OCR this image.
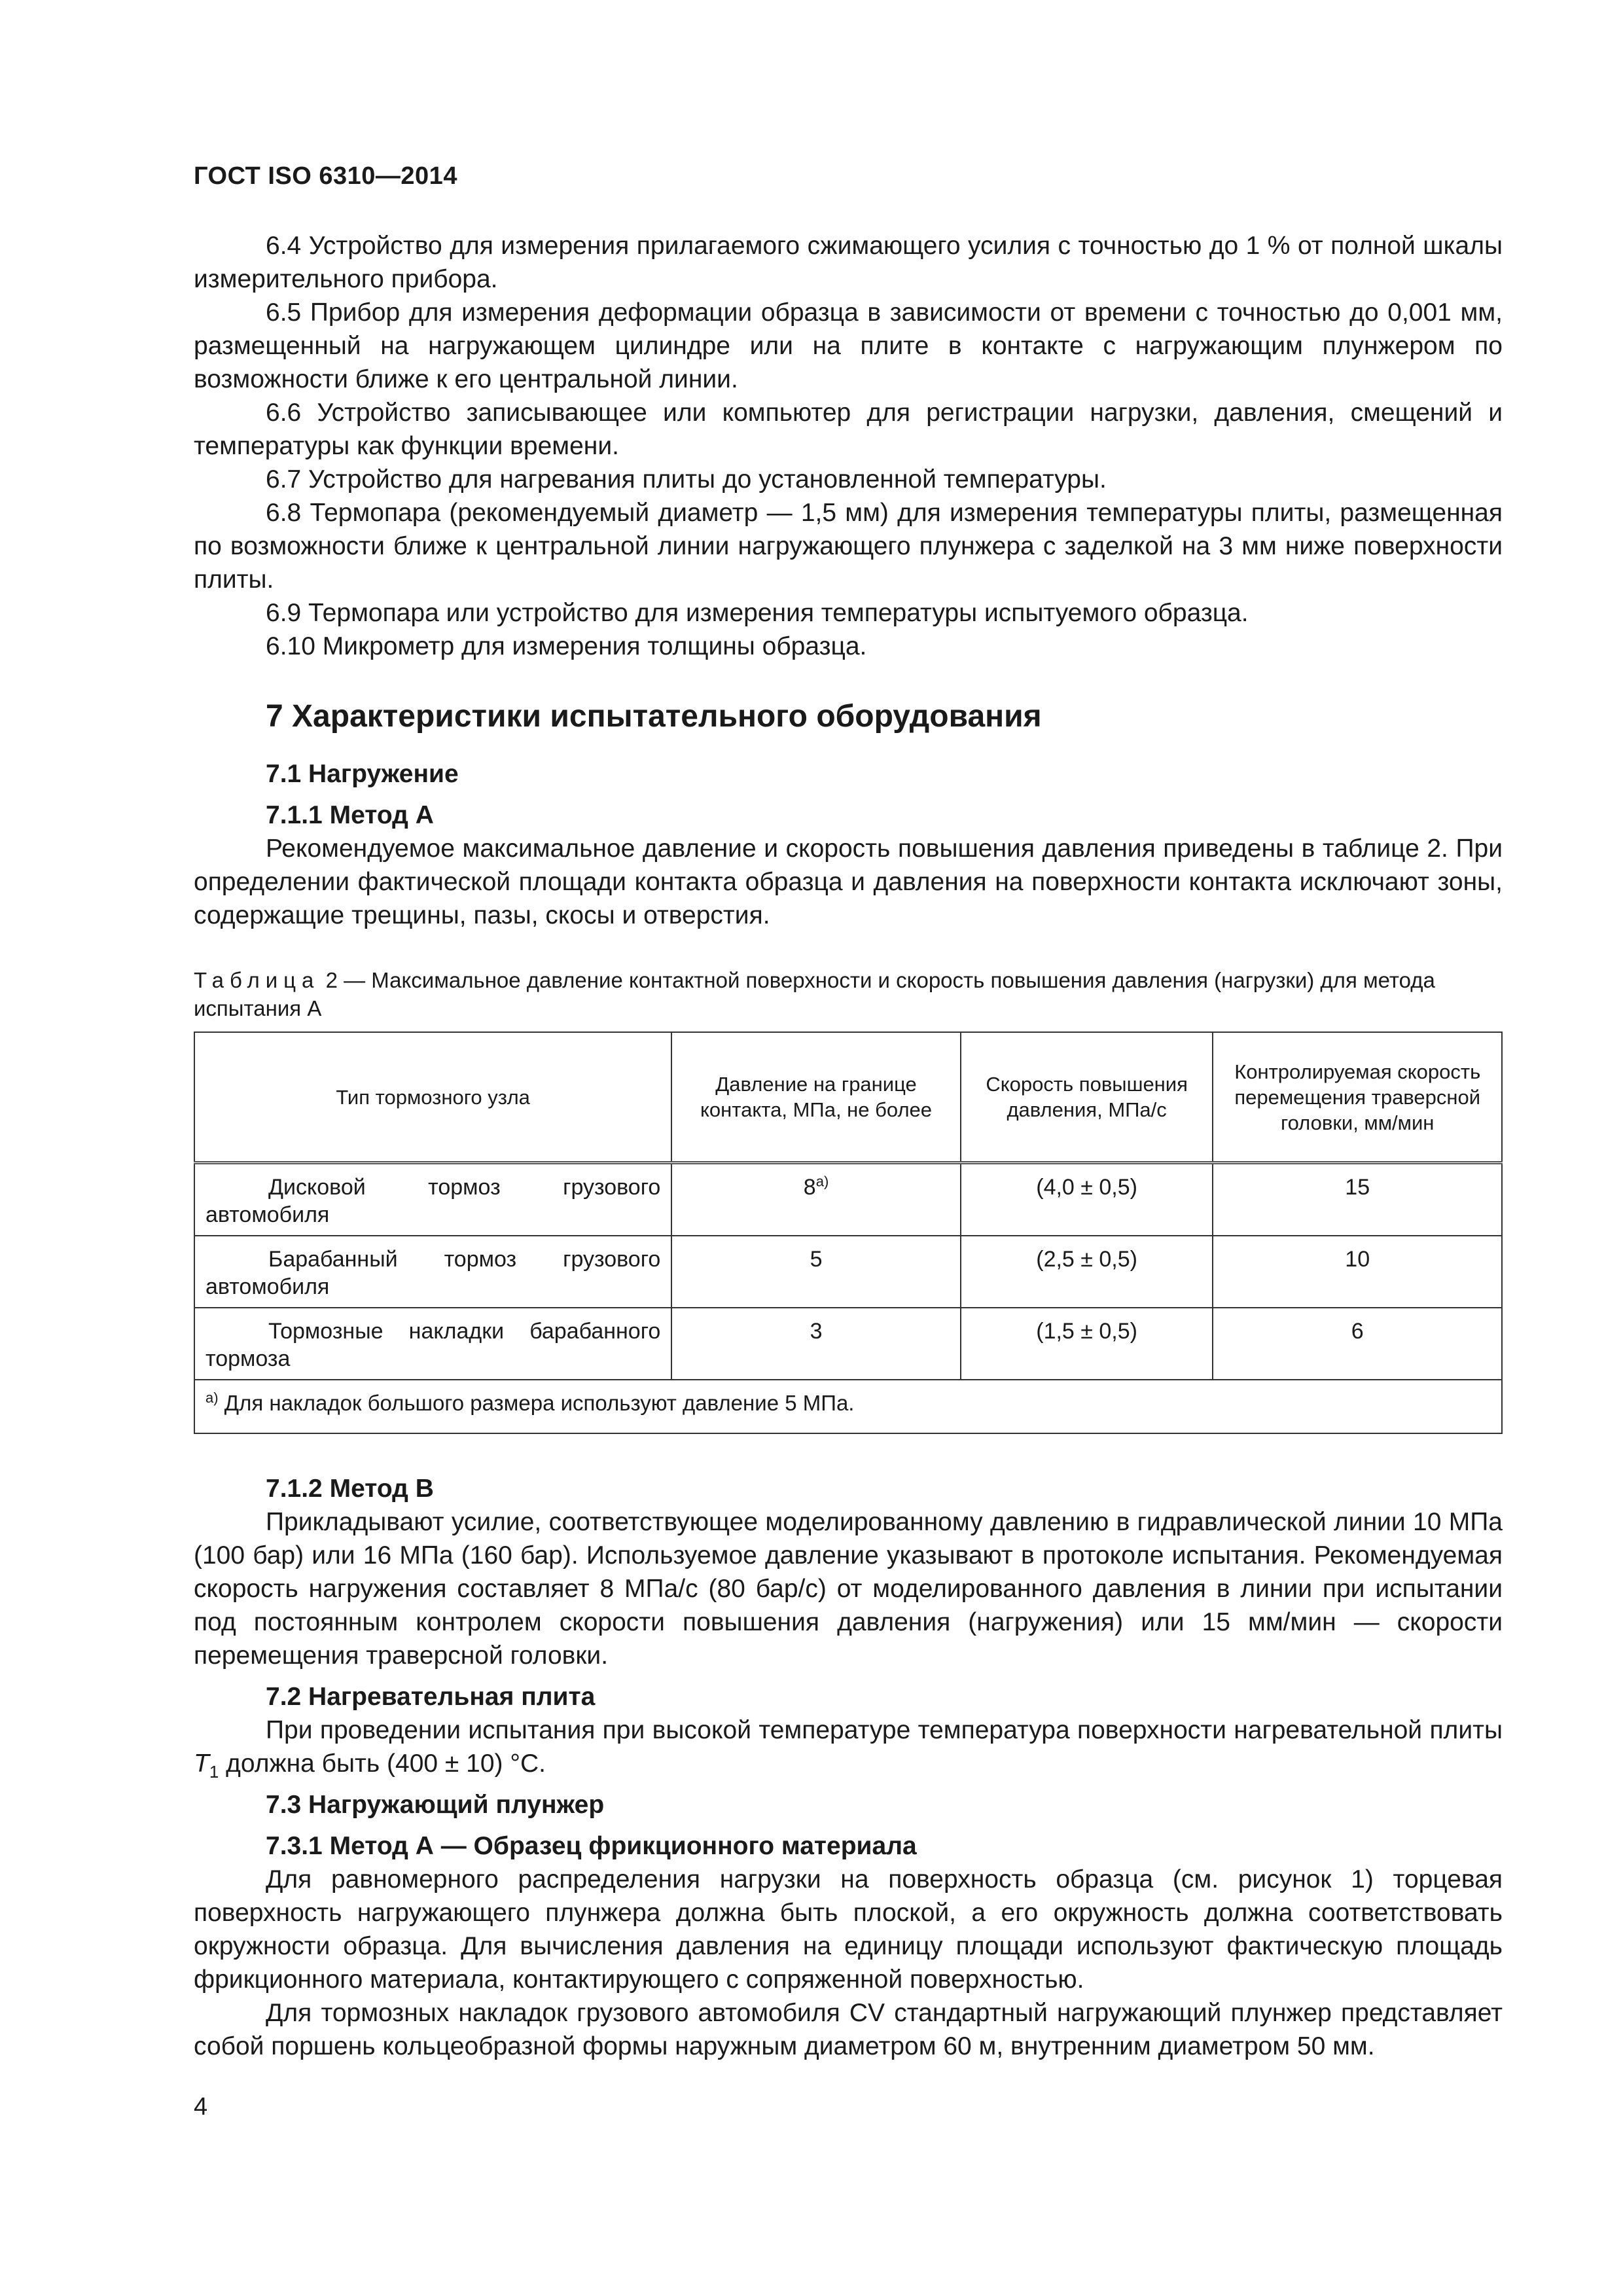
ГОСТ ISO 6310—2014

6.4 Устройство для измерения прилагаемого сжимающего усилия с точностью до 1 % от полной шкалы измерительного прибора.

6.5 Прибор для измерения деформации образца в зависимости от времени с точностью до 0,001 мм, размещенный на нагружающем цилиндре или на плите в контакте с нагружающим плунжером по возможности ближе к его центральной линии.

6.6 Устройство записывающее или компьютер для регистрации нагрузки, давления, смещений и температуры как функции времени.

6.7 Устройство для нагревания плиты до установленной температуры.

6.8 Термопара (рекомендуемый диаметр — 1,5 мм) для измерения температуры плиты, размещенная по возможности ближе к центральной линии нагружающего плунжера с заделкой на 3 мм ниже поверхности плиты.

6.9 Термопара или устройство для измерения температуры испытуемого образца.

6.10 Микрометр для измерения толщины образца.

7 Характеристики испытательного оборудования
7.1 Нагружение
7.1.1 Метод А

Рекомендуемое максимальное давление и скорость повышения давления приведены в таблице 2. При определении фактической площади контакта образца и давления на поверхности контакта исключают зоны, содержащие трещины, пазы, скосы и отверстия.

Таблица 2 — Максимальное давление контактной поверхности и скорость повышения давления (нагрузки) для метода испытания А
Тип тормозного узла	Давление на границе контакта, МПа, не более	Скорость повышения давления, МПа/с	Контролируемая скорость перемещения траверсной головки, мм/мин
Дисковой тормоз грузового автомобиля	$8^{а)}$	(4,0 ± 0,5)	15
Барабанный тормоз грузового автомобиля	5	(2,5 ± 0,5)	10
Тормозные накладки барабанного тормоза	3	(1,5 ± 0,5)	6
$^{а)}$ Для накладок большого размера используют давление 5 МПа.			
7.1.2 Метод В

Прикладывают усилие, соответствующее моделированному давлению в гидравлической линии 10 МПа (100 бар) или 16 МПа (160 бар). Используемое давление указывают в протоколе испытания. Рекомендуемая скорость нагружения составляет 8 МПа/с (80 бар/с) от моделированного давления в линии при испытании под постоянным контролем скорости повышения давления (нагружения) или 15 мм/мин — скорости перемещения траверсной головки.

7.2 Нагревательная плита

При проведении испытания при высокой температуре температура поверхности нагревательной плиты $T_1$ должна быть (400 ± 10) °С.

7.3 Нагружающий плунжер
7.3.1 Метод А — Образец фрикционного материала

Для равномерного распределения нагрузки на поверхность образца (см. рисунок 1) торцевая поверхность нагружающего плунжера должна быть плоской, а его окружность должна соответствовать окружности образца. Для вычисления давления на единицу площади используют фактическую площадь фрикционного материала, контактирующего с сопряженной поверхностью.

Для тормозных накладок грузового автомобиля CV стандартный нагружающий плунжер представляет собой поршень кольцеобразной формы наружным диаметром 60 м, внутренним диаметром 50 мм.

4
